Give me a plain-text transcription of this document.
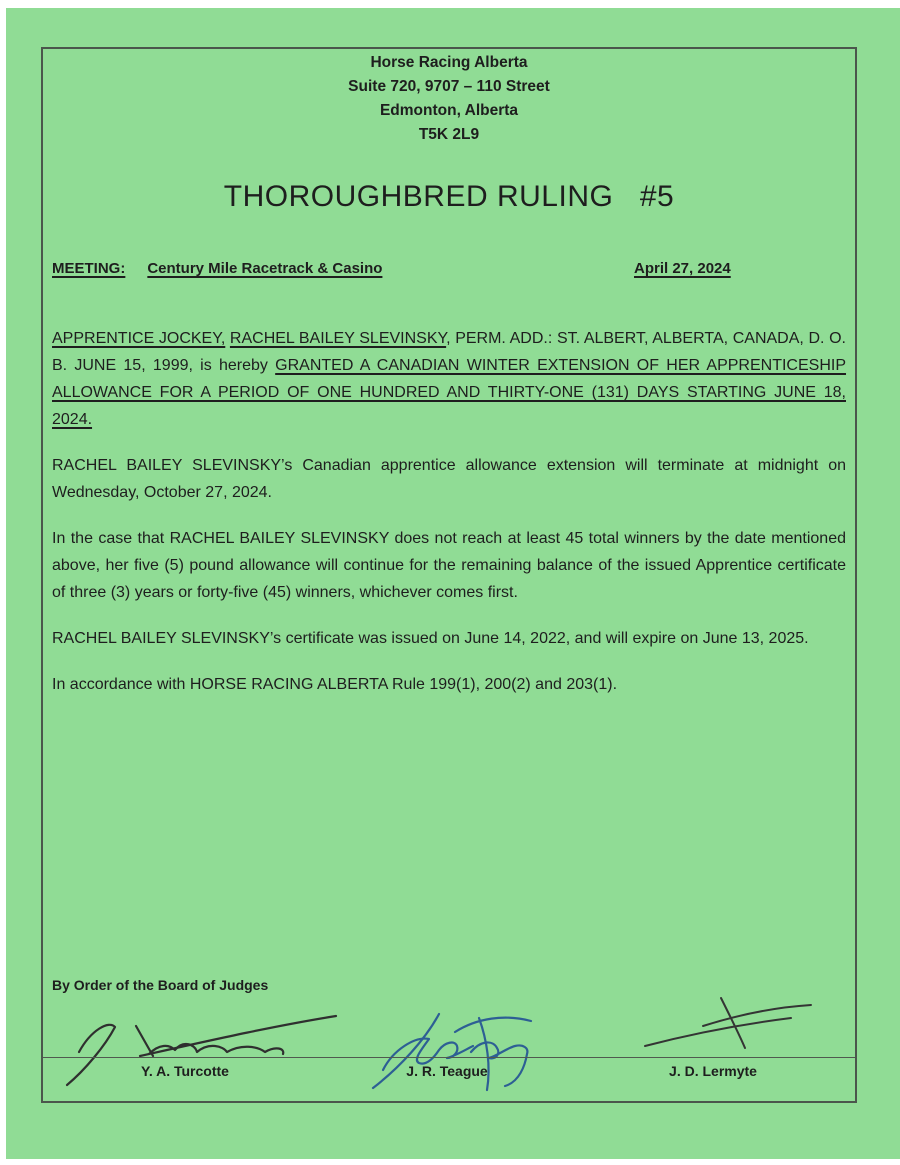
Horse Racing Alberta
Suite 720, 9707 – 110 Street
Edmonton, Alberta
T5K 2L9
THOROUGHBRED RULING   #5
MEETING: Century Mile Racetrack & Casino	April 27, 2024

APPRENTICE JOCKEY, RACHEL BAILEY SLEVINSKY, PERM. ADD.: ST. ALBERT, ALBERTA, CANADA, D. O. B. JUNE 15, 1999, is hereby GRANTED A CANADIAN WINTER EXTENSION OF HER APPRENTICESHIP ALLOWANCE FOR A PERIOD OF ONE HUNDRED AND THIRTY-ONE (131) DAYS STARTING JUNE 18, 2024.

RACHEL BAILEY SLEVINSKY’s Canadian apprentice allowance extension will terminate at midnight on Wednesday, October 27, 2024.

In the case that RACHEL BAILEY SLEVINSKY does not reach at least 45 total winners by the date mentioned above, her five (5) pound allowance will continue for the remaining balance of the issued Apprentice certificate of three (3) years or forty-five (45) winners, whichever comes first.

RACHEL BAILEY SLEVINSKY’s certificate was issued on June 14, 2022, and will expire on June 13, 2025.

In accordance with HORSE RACING ALBERTA Rule 199(1), 200(2) and 203(1).

By Order of the Board of Judges
Y. A. Turcotte	J. R. Teague	J. D. Lermyte
